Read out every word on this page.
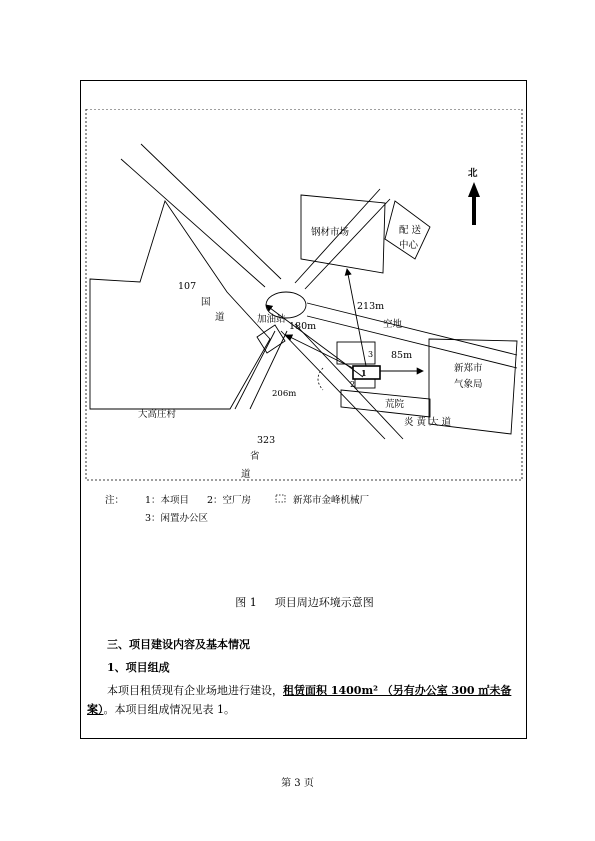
钢材市场	配 送
中心
北
107
国
道	加油站
180m
213m
空地
85m
新郑市
气象局
大高庄村
206m
荒院
炎 黄 大 道
323
省
道
1
2
3
注： 1：本项目 2：空厂房	新郑市金峰机械厂
3：闲置办公区
图 1 项目周边环境示意图
三、项目建设内容及基本情况
1、项目组成
本项目租赁现有企业场地进行建设，租赁面积 1400m² （另有办公室 300 ㎡未备案）。本项目组成情况见表 1。
第 3 页
